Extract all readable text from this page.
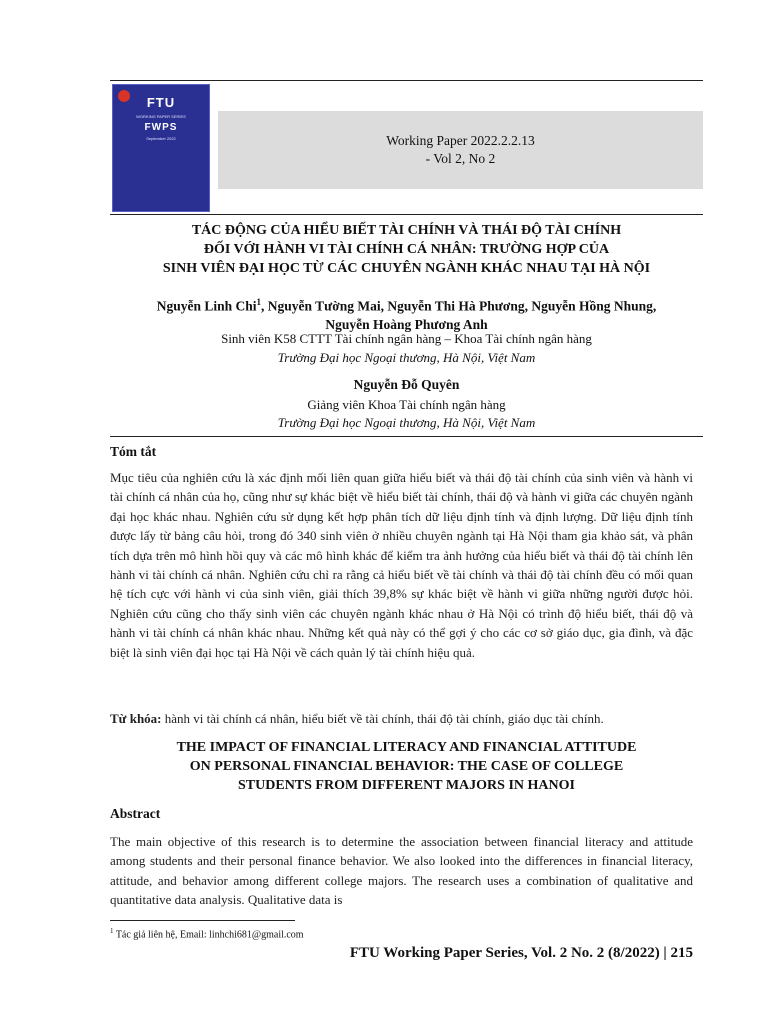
FTU
WORKING PAPER SERIES
FWPS
September 2022	Working Paper 2022.2.2.13
- Vol 2, No 2
TÁC ĐỘNG CỦA HIỂU BIẾT TÀI CHÍNH VÀ THÁI ĐỘ TÀI CHÍNH
ĐỐI VỚI HÀNH VI TÀI CHÍNH CÁ NHÂN: TRƯỜNG HỢP CỦA
SINH VIÊN ĐẠI HỌC TỪ CÁC CHUYÊN NGÀNH KHÁC NHAU TẠI HÀ NỘI
Nguyễn Linh Chi$^1$, Nguyễn Tường Mai, Nguyễn Thi Hà Phương, Nguyễn Hồng Nhung,
Nguyễn Hoàng Phương Anh
Sinh viên K58 CTTT Tài chính ngân hàng – Khoa Tài chính ngân hàng
Trường Đại học Ngoại thương, Hà Nội, Việt Nam
Nguyễn Đỗ Quyên
Giảng viên Khoa Tài chính ngân hàng
Trường Đại học Ngoại thương, Hà Nội, Việt Nam
Tóm tắt
Mục tiêu của nghiên cứu là xác định mối liên quan giữa hiểu biết và thái độ tài chính của sinh viên và hành vi tài chính cá nhân của họ, cũng như sự khác biệt về hiểu biết tài chính, thái độ và hành vi giữa các chuyên ngành đại học khác nhau. Nghiên cứu sử dụng kết hợp phân tích dữ liệu định tính và định lượng. Dữ liệu định tính được lấy từ bảng câu hỏi, trong đó 340 sinh viên ở nhiều chuyên ngành tại Hà Nội tham gia khảo sát, và phân tích dựa trên mô hình hồi quy và các mô hình khác để kiểm tra ảnh hưởng của hiểu biết và thái độ tài chính lên hành vi tài chính cá nhân. Nghiên cứu chỉ ra rằng cả hiểu biết về tài chính và thái độ tài chính đều có mối quan hệ tích cực với hành vi của sinh viên, giải thích 39,8% sự khác biệt về hành vi giữa những người được hỏi. Nghiên cứu cũng cho thấy sinh viên các chuyên ngành khác nhau ở Hà Nội có trình độ hiểu biết, thái độ và hành vi tài chính cá nhân khác nhau. Những kết quả này có thể gợi ý cho các cơ sở giáo dục, gia đình, và đặc biệt là sinh viên đại học tại Hà Nội về cách quản lý tài chính hiệu quả.
Từ khóa: hành vi tài chính cá nhân, hiểu biết về tài chính, thái độ tài chính, giáo dục tài chính.
THE IMPACT OF FINANCIAL LITERACY AND FINANCIAL ATTITUDE
ON PERSONAL FINANCIAL BEHAVIOR: THE CASE OF COLLEGE
STUDENTS FROM DIFFERENT MAJORS IN HANOI
Abstract
The main objective of this research is to determine the association between financial literacy and attitude among students and their personal finance behavior. We also looked into the differences in financial literacy, attitude, and behavior among different college majors. The research uses a combination of qualitative and quantitative data analysis. Qualitative data is
$^1$ Tác giả liên hệ, Email: linhchi681@gmail.com
FTU Working Paper Series, Vol. 2 No. 2 (8/2022) | 215
